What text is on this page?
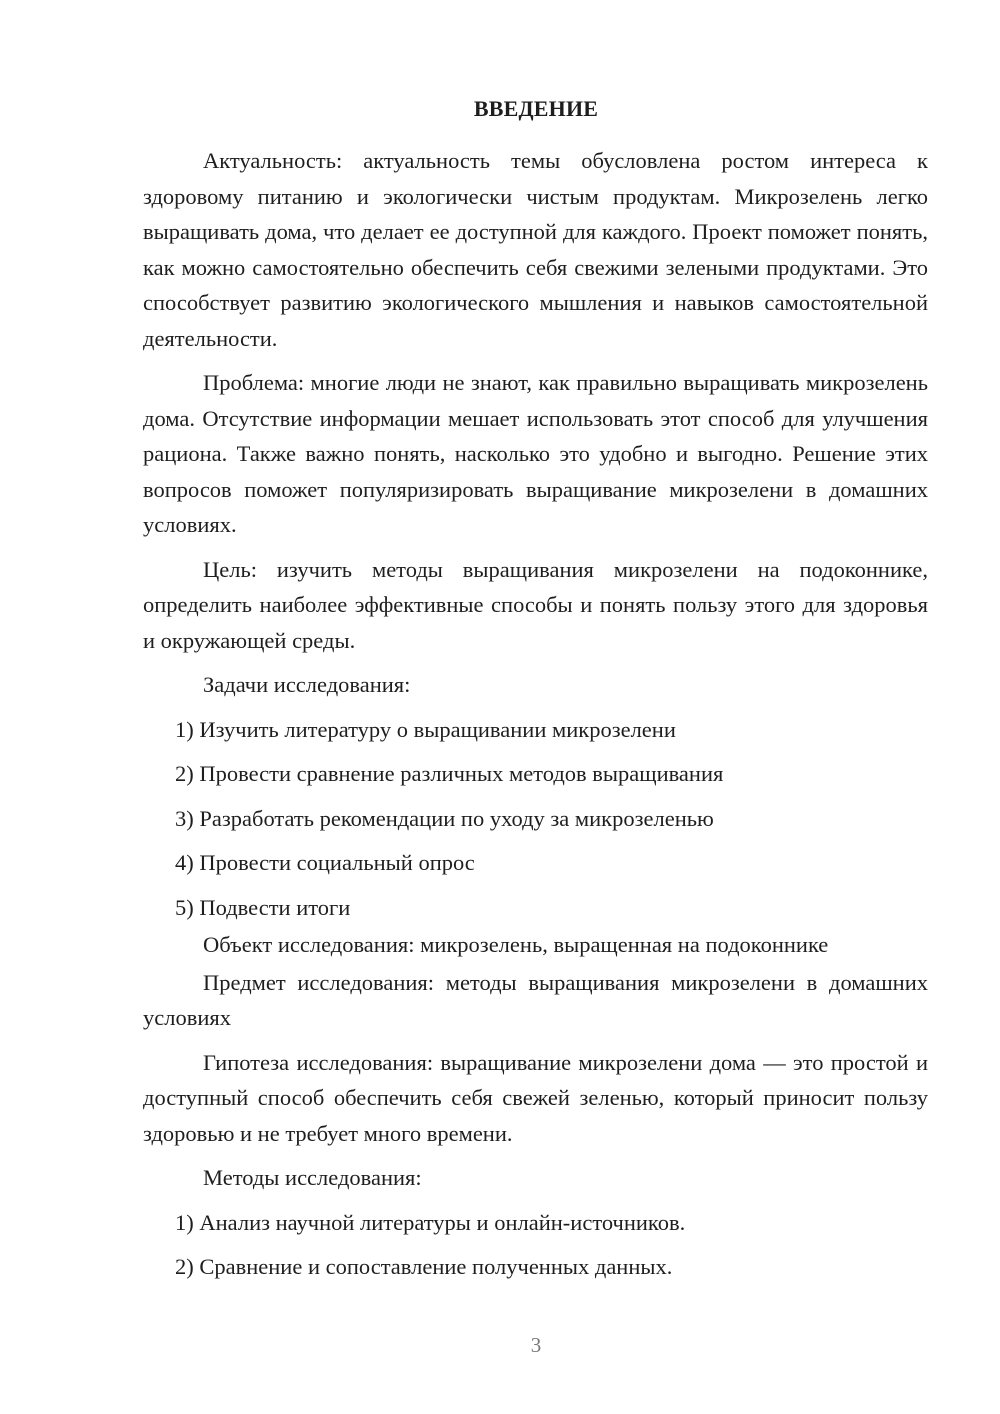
ВВЕДЕНИЕ

Актуальность: актуальность темы обусловлена ростом интереса к здоровому питанию и экологически чистым продуктам. Микрозелень легко выращивать дома, что делает ее доступной для каждого. Проект поможет понять, как можно самостоятельно обеспечить себя свежими зелеными продуктами. Это способствует развитию экологического мышления и навыков самостоятельной деятельности.

Проблема: многие люди не знают, как правильно выращивать микрозелень дома. Отсутствие информации мешает использовать этот способ для улучшения рациона. Также важно понять, насколько это удобно и выгодно. Решение этих вопросов поможет популяризировать выращивание микрозелени в домашних условиях.

Цель: изучить методы выращивания микрозелени на подоконнике, определить наиболее эффективные способы и понять пользу этого для здоровья и окружающей среды.

Задачи исследования:

1) Изучить литературу о выращивании микрозелени

2) Провести сравнение различных методов выращивания

3) Разработать рекомендации по уходу за микрозеленью

4) Провести социальный опрос

5) Подвести итоги

Объект исследования: микрозелень, выращенная на подоконнике

Предмет исследования: методы выращивания микрозелени в домашних условиях

Гипотеза исследования: выращивание микрозелени дома — это простой и доступный способ обеспечить себя свежей зеленью, который приносит пользу здоровью и не требует много времени.

Методы исследования:

1) Анализ научной литературы и онлайн-источников.

2) Сравнение и сопоставление полученных данных.

3
